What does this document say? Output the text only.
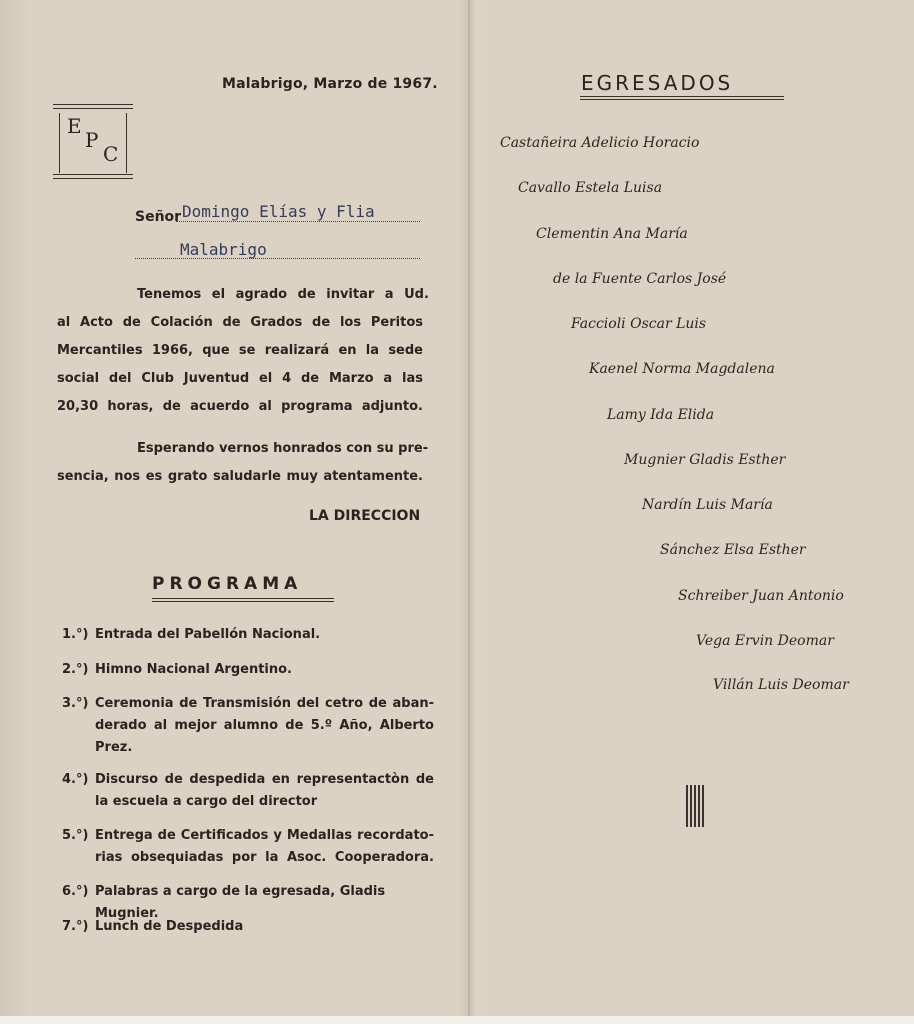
Malabrigo, Marzo de 1967.
E
P
C
Señor Domingo Elías y Flia
Malabrigo
Tenemos el agrado de invitar a Ud.
al Acto de Colación de Grados de los Peritos
Mercantiles 1966, que se realizará en la sede
social del Club Juventud el 4 de Marzo a las
20,30 horas, de acuerdo al programa adjunto.
Esperando vernos honrados con su pre-
sencia, nos es grato saludarle muy atentamente.
LA DIRECCION
PROGRAMA
1.°) Entrada del Pabellón Nacional.
2.°) Himno Nacional Argentino.
3.°) Ceremonia de Transmisión del cetro de aban-
derado al mejor alumno de 5.º Año, Alberto
Prez.
4.°) Discurso de despedida en representactòn de
la escuela a cargo del director
5.°) Entrega de Certificados y Medallas recordato-
rias obsequiadas por la Asoc. Cooperadora.
6.°) Palabras a cargo de la egresada, Gladis Mugnier.
7.°) Lunch de Despedida
EGRESADOS
Castañeira Adelicio Horacio
Cavallo Estela Luisa
Clementin Ana María
de la Fuente Carlos José
Faccioli Oscar Luis
Kaenel Norma Magdalena
Lamy Ida Elida
Mugnier Gladis Esther
Nardín Luis María
Sánchez Elsa Esther
Schreiber Juan Antonio
Vega Ervin Deomar
Villán Luis Deomar
